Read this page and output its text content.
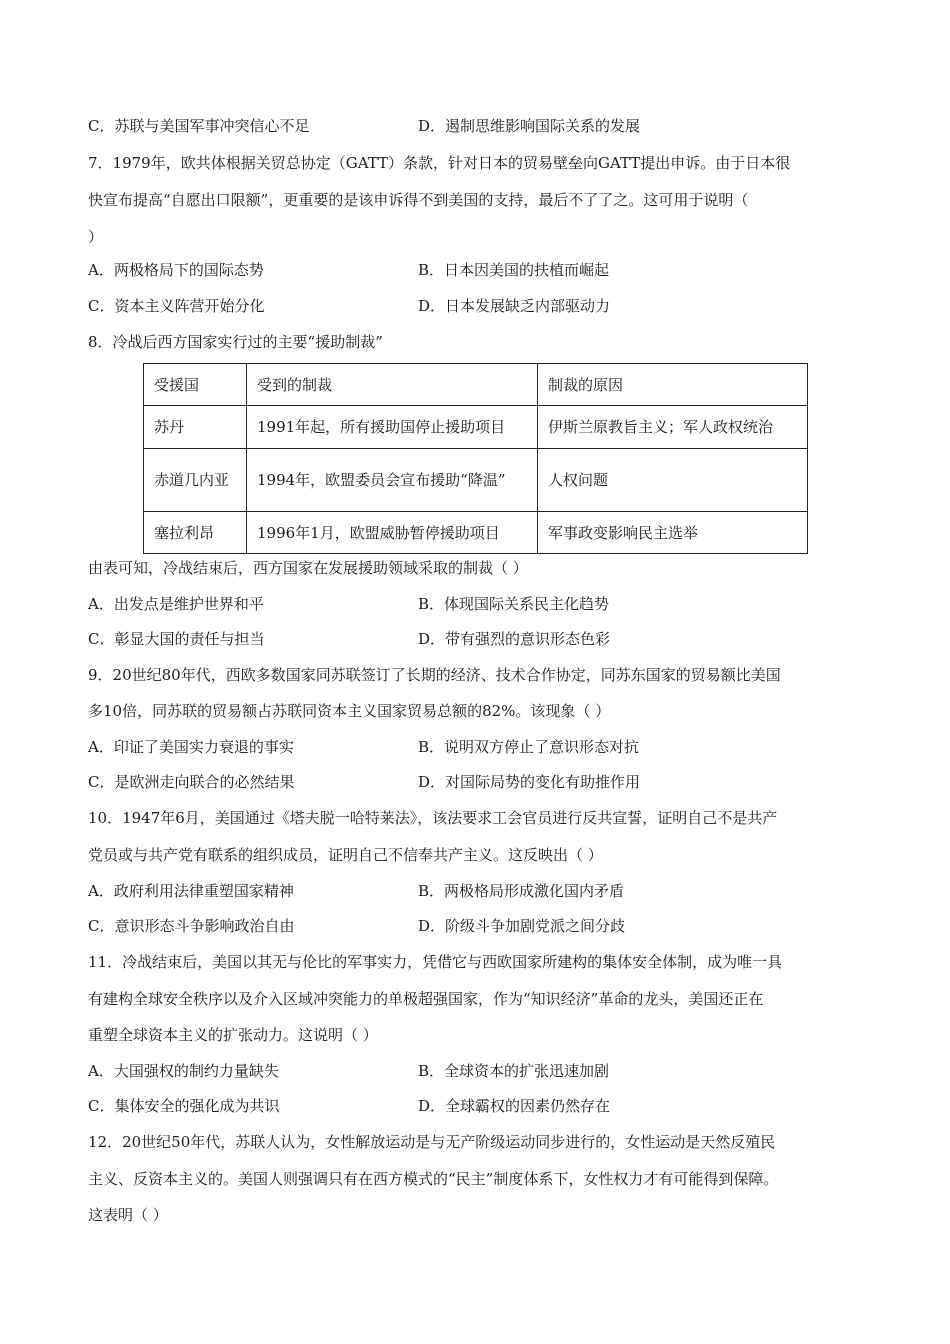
C．苏联与美国军事冲突信心不足	D．遏制思维影响国际关系的发展
7．1979年，欧共体根据关贸总协定（GATT）条款，针对日本的贸易壁垒向GATT提出申诉。由于日本很
快宣布提高“自愿出口限额”，更重要的是该申诉得不到美国的支持，最后不了了之。这可用于说明（
）
A．两极格局下的国际态势	B．日本因美国的扶植而崛起
C．资本主义阵营开始分化	D．日本发展缺乏内部驱动力
8．冷战后西方国家实行过的主要“援助制裁”
受援国	受到的制裁	制裁的原因
苏丹	1991年起，所有援助国停止援助项目	伊斯兰原教旨主义；军人政权统治
赤道几内亚	1994年，欧盟委员会宣布援助“降温”	人权问题
塞拉利昂	1996年1月，欧盟威胁暂停援助项目	军事政变影响民主选举
由表可知，冷战结束后，西方国家在发展援助领域采取的制裁（ ）
A．出发点是维护世界和平	B．体现国际关系民主化趋势
C．彰显大国的责任与担当	D．带有强烈的意识形态色彩
9．20世纪80年代，西欧多数国家同苏联签订了长期的经济、技术合作协定，同苏东国家的贸易额比美国
多10倍，同苏联的贸易额占苏联同资本主义国家贸易总额的82%。该现象（ ）
A．印证了美国实力衰退的事实	B．说明双方停止了意识形态对抗
C．是欧洲走向联合的必然结果	D．对国际局势的变化有助推作用
10．1947年6月，美国通过《塔夫脱一哈特莱法》，该法要求工会官员进行反共宣誓，证明自己不是共产
党员或与共产党有联系的组织成员，证明自己不信奉共产主义。这反映出（ ）
A．政府利用法律重塑国家精神	B．两极格局形成激化国内矛盾
C．意识形态斗争影响政治自由	D．阶级斗争加剧党派之间分歧
11．冷战结束后，美国以其无与伦比的军事实力，凭借它与西欧国家所建构的集体安全体制，成为唯一具
有建构全球安全秩序以及介入区域冲突能力的单极超强国家，作为“知识经济”革命的龙头，美国还正在
重塑全球资本主义的扩张动力。这说明（ ）
A．大国强权的制约力量缺失	B．全球资本的扩张迅速加剧
C．集体安全的强化成为共识	D．全球霸权的因素仍然存在
12．20世纪50年代，苏联人认为，女性解放运动是与无产阶级运动同步进行的，女性运动是天然反殖民
主义、反资本主义的。美国人则强调只有在西方模式的“民主”制度体系下，女性权力才有可能得到保障。
这表明（ ）
